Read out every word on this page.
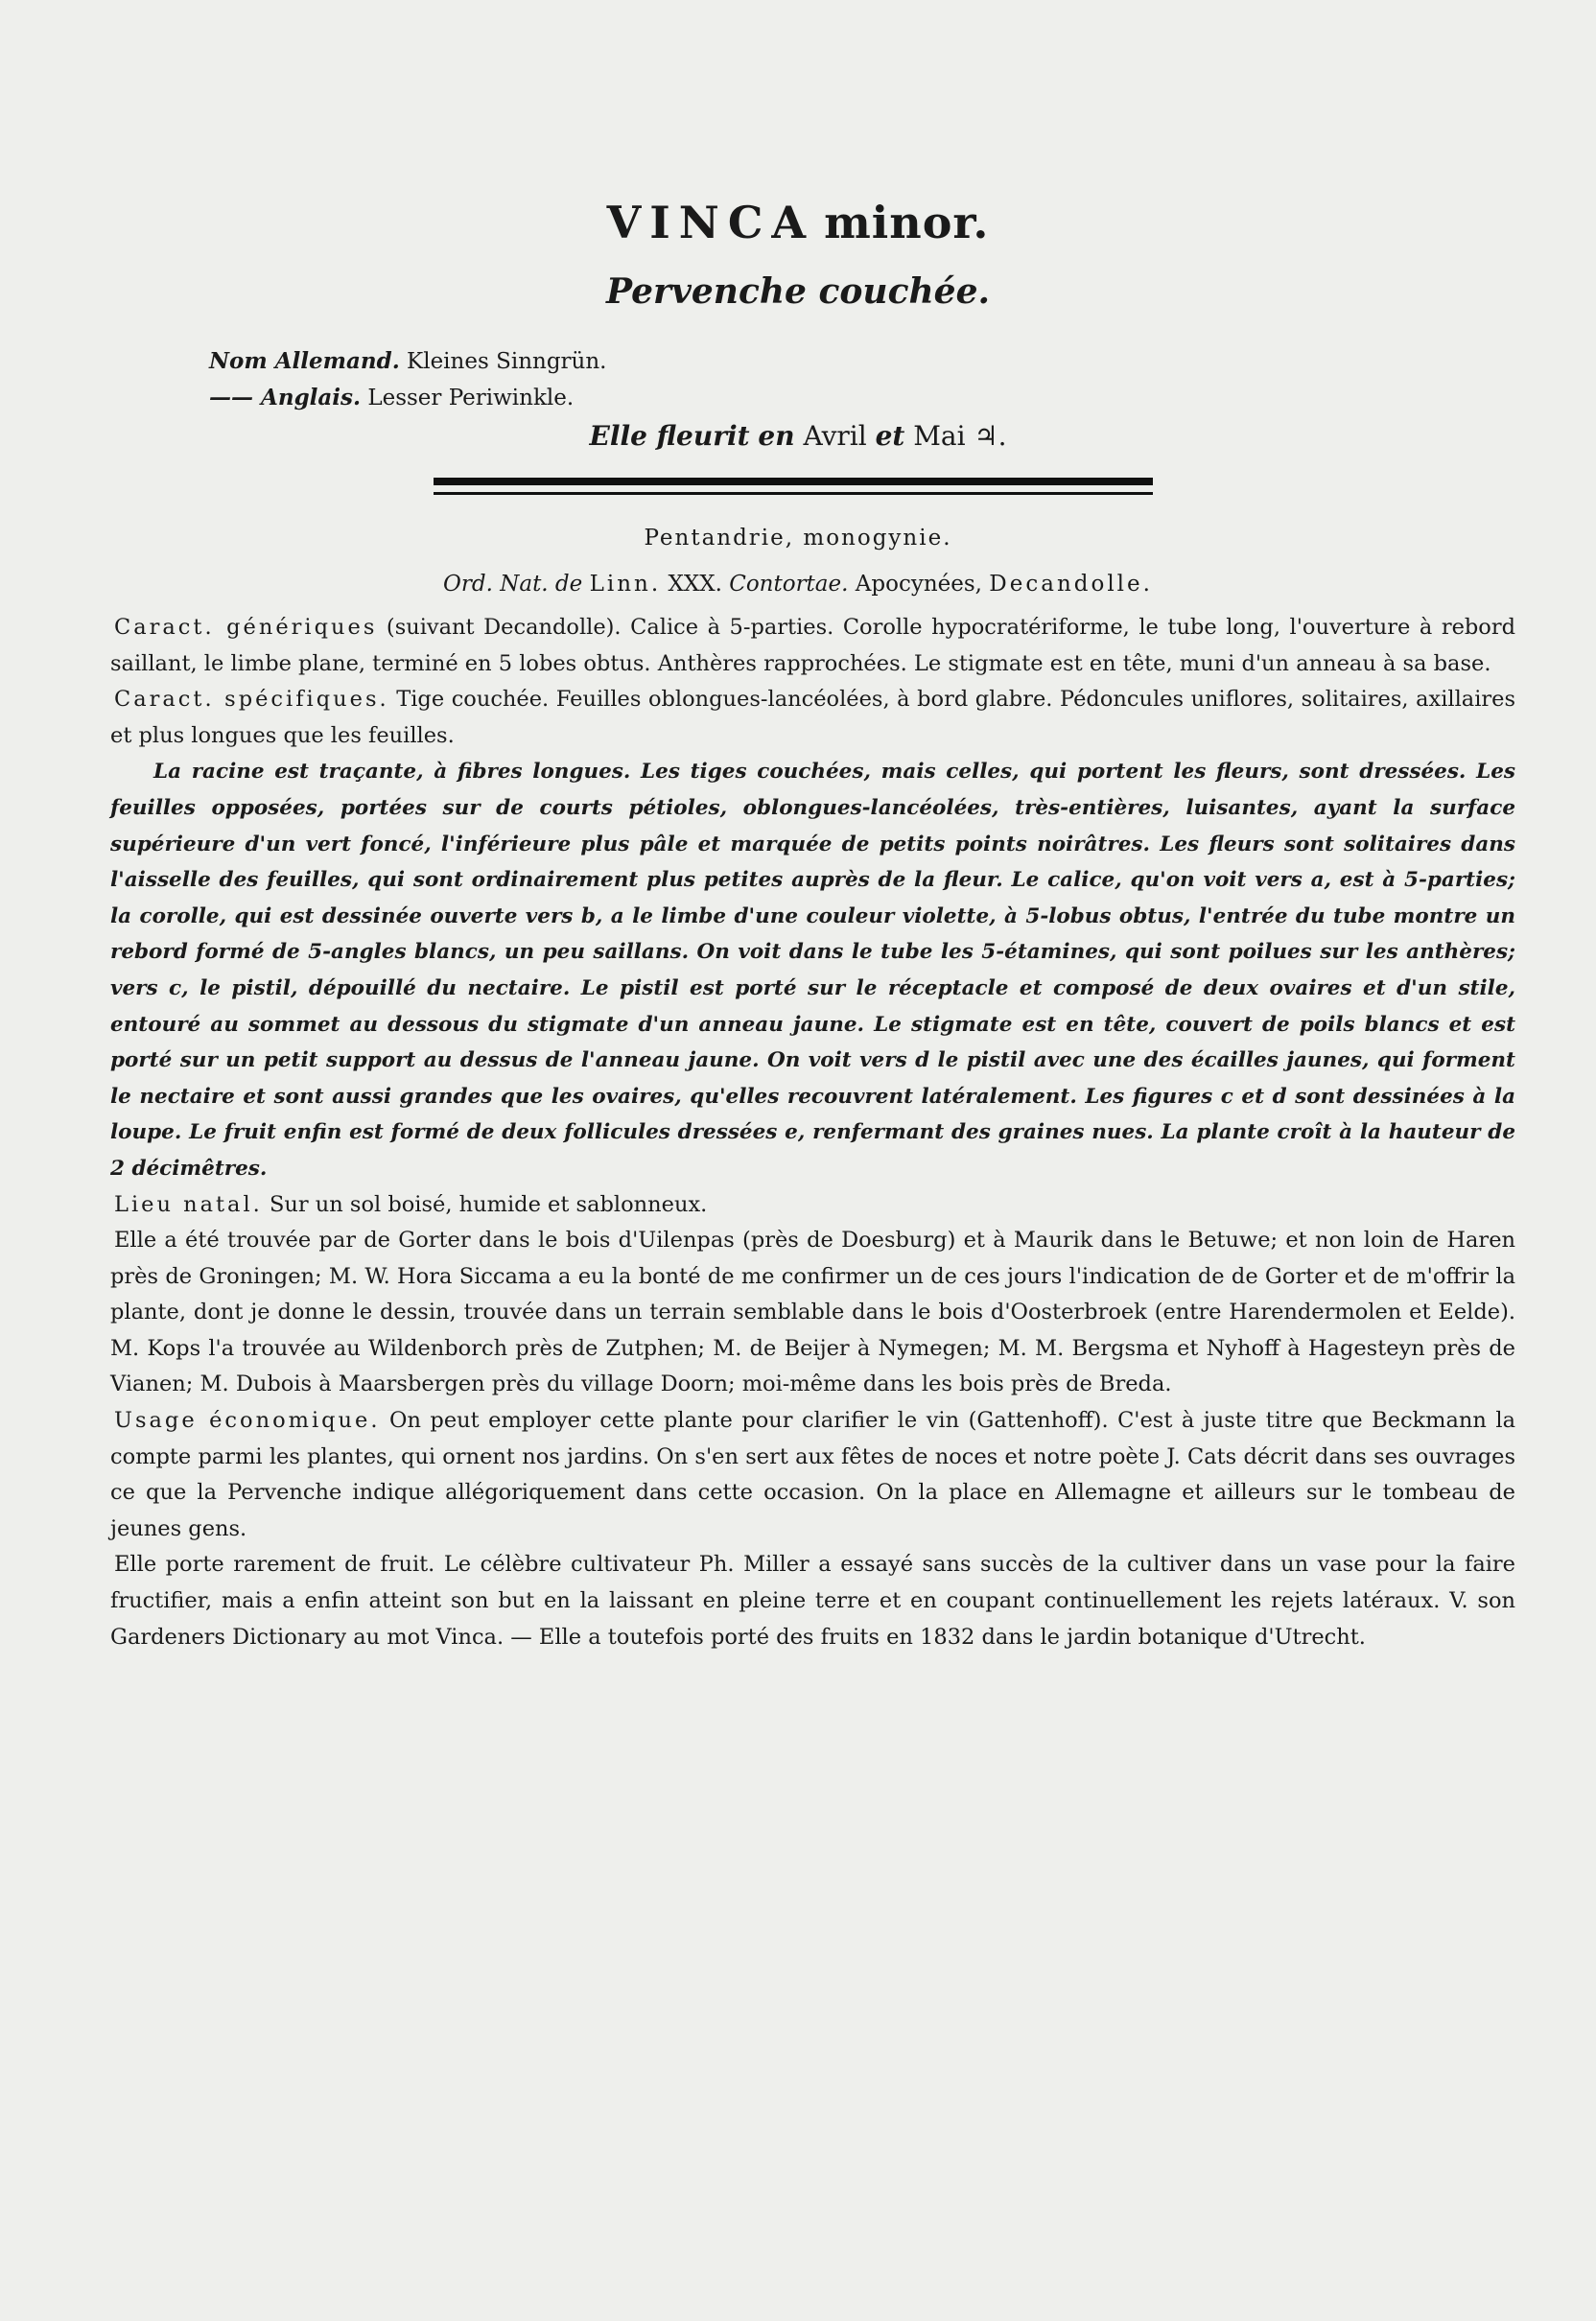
VINCA minor.
Pervenche couchée.
Nom Allemand. Kleines Sinngrün.
—— Anglais. Lesser Periwinkle.
Elle fleurit en Avril et Mai ♃.
Pentandrie, monogynie.
Ord. Nat. de Linn. XXX. Contortae. Apocynées, Decandolle.

Caract. génériques (suivant Decandolle). Calice à 5-parties. Corolle hypocratériforme, le tube long, l'ouverture à rebord saillant, le limbe plane, terminé en 5 lobes obtus. Anthères rapprochées. Le stigmate est en tête, muni d'un anneau à sa base.

Caract. spécifiques. Tige couchée. Feuilles oblongues-lancéolées, à bord glabre. Pédoncules uniflores, solitaires, axillaires et plus longues que les feuilles.

La racine est traçante, à fibres longues. Les tiges couchées, mais celles, qui portent les fleurs, sont dressées. Les feuilles opposées, portées sur de courts pétioles, oblongues-lancéolées, très-entières, luisantes, ayant la surface supérieure d'un vert foncé, l'inférieure plus pâle et marquée de petits points noirâtres. Les fleurs sont solitaires dans l'aisselle des feuilles, qui sont ordinairement plus petites auprès de la fleur. Le calice, qu'on voit vers a, est à 5-parties; la corolle, qui est dessinée ouverte vers b, a le limbe d'une couleur violette, à 5-lobus obtus, l'entrée du tube montre un rebord formé de 5-angles blancs, un peu saillans. On voit dans le tube les 5-étamines, qui sont poilues sur les anthères; vers c, le pistil, dépouillé du nectaire. Le pistil est porté sur le réceptacle et composé de deux ovaires et d'un stile, entouré au sommet au dessous du stigmate d'un anneau jaune. Le stigmate est en tête, couvert de poils blancs et est porté sur un petit support au dessus de l'anneau jaune. On voit vers d le pistil avec une des écailles jaunes, qui forment le nectaire et sont aussi grandes que les ovaires, qu'elles recouvrent latéralement. Les figures c et d sont dessinées à la loupe. Le fruit enfin est formé de deux follicules dressées e, renfermant des graines nues. La plante croît à la hauteur de 2 décimêtres.

Lieu natal. Sur un sol boisé, humide et sablonneux.

Elle a été trouvée par de Gorter dans le bois d'Uilenpas (près de Doesburg) et à Maurik dans le Betuwe; et non loin de Haren près de Groningen; M. W. Hora Siccama a eu la bonté de me confirmer un de ces jours l'indication de de Gorter et de m'offrir la plante, dont je donne le dessin, trouvée dans un terrain semblable dans le bois d'Oosterbroek (entre Harendermolen et Eelde). M. Kops l'a trouvée au Wildenborch près de Zutphen; M. de Beijer à Nymegen; M. M. Bergsma et Nyhoff à Hagesteyn près de Vianen; M. Dubois à Maarsbergen près du village Doorn; moi-même dans les bois près de Breda.

Usage économique. On peut employer cette plante pour clarifier le vin (Gattenhoff). C'est à juste titre que Beckmann la compte parmi les plantes, qui ornent nos jardins. On s'en sert aux fêtes de noces et notre poète J. Cats décrit dans ses ouvrages ce que la Pervenche indique allégoriquement dans cette occasion. On la place en Allemagne et ailleurs sur le tombeau de jeunes gens.

Elle porte rarement de fruit. Le célèbre cultivateur Ph. Miller a essayé sans succès de la cultiver dans un vase pour la faire fructifier, mais a enfin atteint son but en la laissant en pleine terre et en coupant continuellement les rejets latéraux. V. son Gardeners Dictionary au mot Vinca. — Elle a toutefois porté des fruits en 1832 dans le jardin botanique d'Utrecht.
